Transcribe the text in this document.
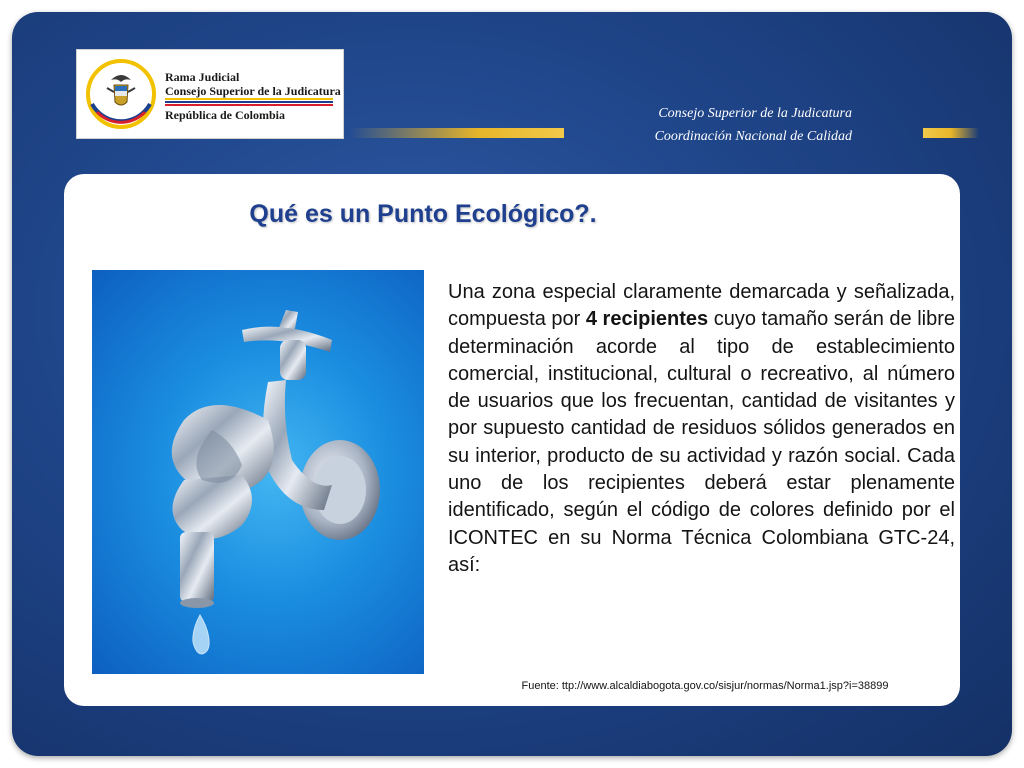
Rama Judicial
Consejo Superior de la Judicatura
República de Colombia	Consejo Superior de la Judicatura
Coordinación Nacional de Calidad
Qué es un Punto Ecológico?.
Una zona especial claramente demarcada y señalizada, compuesta por 4 recipientes cuyo tamaño serán de libre determinación acorde al tipo de establecimiento comercial, institucional, cultural o recreativo, al número de usuarios que los frecuentan, cantidad de visitantes y por supuesto cantidad de residuos sólidos generados en su interior, producto de su actividad y razón social. Cada uno de los recipientes deberá estar plenamente identificado, según el código de colores definido por el ICONTEC en su Norma Técnica Colombiana GTC-24, así:
Fuente: ttp://www.alcaldiabogota.gov.co/sisjur/normas/Norma1.jsp?i=38899
